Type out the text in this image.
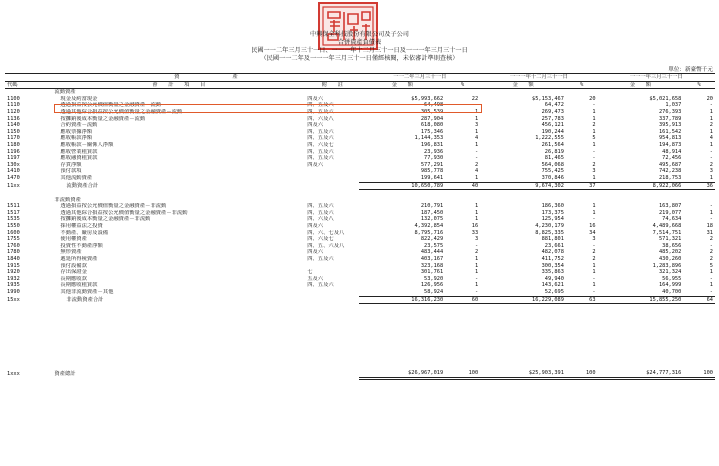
中興保全科技股份有限公司及子公司
合併資產負債表
民國一一二年三月三十一日、一一一年十二月三十一日及一一一年三月三十一日
（民國一一二年及一一一年三月三十一日僅經核閱，未依審計準則查核）
單位：新臺幣千元
	資　　　　　　　　　　產		一一二年三月三十一日		一一一年十二月三十一日		一一一年三月三十一日	
代碼	會　　計　　項　　目	附　　註	金　　額	%	金　　額	%	金　　額	%
	流動資產							
1100	現金及約當現金	四及六	$5,993,662	22	$5,153,467	20	$5,021,658	20
1110	透過損益按公允價值衡量之金融資產－流動	四、五及六	64,498	-	64,472	-	1,037	-
1120	透過其他綜合損益按公允價值衡量之金融資產－流動	四、五及六	305,539	1	269,473	1	276,393	1
1136	按攤銷後成本衡量之金融資產－流動	四、六及八	287,904	1	257,783	1	337,789	1
1140	合約資產－流動	四及六	618,080	3	456,121	2	395,913	2
1150	應收票據淨額	四、五及六	175,346	1	190,244	1	161,542	1
1170	應收帳款淨額	四、五及六	1,144,353	4	1,222,555	5	954,813	4
1180	應收帳款－關係人淨額	四、六及七	196,831	1	261,564	1	194,873	1
1196	應收營業租賃款	四、五及六	23,936	-	26,819	-	48,914	-
1197	應收融資租賃款	四、五及六	77,930	-	81,465	-	72,456	-
130x	存貨淨額	四及六	577,291	2	564,068	2	495,687	2
1410	預付款項		985,778	4	755,425	3	742,238	3
1470	其他流動資產		199,641	1	370,846	1	218,753	1
11xx	流動資產合計		10,650,789	40	9,674,302	37	8,922,066	36

	非流動資產							
1511	透過損益按公允價值衡量之金融資產－非流動	四、五及六	210,791	1	186,360	1	163,807	-
1517	透過其他綜合損益按公允價值衡量之金融資產－非流動	四、五及六	187,450	1	173,375	1	219,077	1
1535	按攤銷後成本衡量之金融資產－非流動	四、六及八	132,075	1	125,954	-	74,634	-
1550	採用權益法之投資	四及六	4,392,854	16	4,230,179	16	4,489,668	18
1600	不動產、廠房及設備	四、六、七及八	8,795,716	33	8,825,335	34	7,514,751	31
1755	使用權資產	四、六及七	822,429	3	881,801	3	571,321	2
1760	投資性不動產淨額	四、五、六及八	23,575	-	23,661	-	38,656	-
1780	無形資產	四及六	483,444	2	482,078	2	485,202	2
1840	遞延所得稅資產	四、五及六	403,167	1	411,752	2	430,260	2
1915	預付設備款		323,168	1	300,354	1	1,283,896	5
1920	存出保證金	七	301,761	1	335,863	1	321,324	1
1932	長期應收款	五及六	53,920	-	49,940	-	56,955	-
1935	長期應收租賃款	四、五及六	126,956	1	143,621	1	164,999	1
1990	其他非流動資產－其他		58,924	-	52,695	-	40,700	-
15xx	非流動資產合計		16,316,230	60	16,229,089	63	15,855,250	64

1xxx	資產總計		$26,967,019	100	$25,903,391	100	$24,777,316	100
